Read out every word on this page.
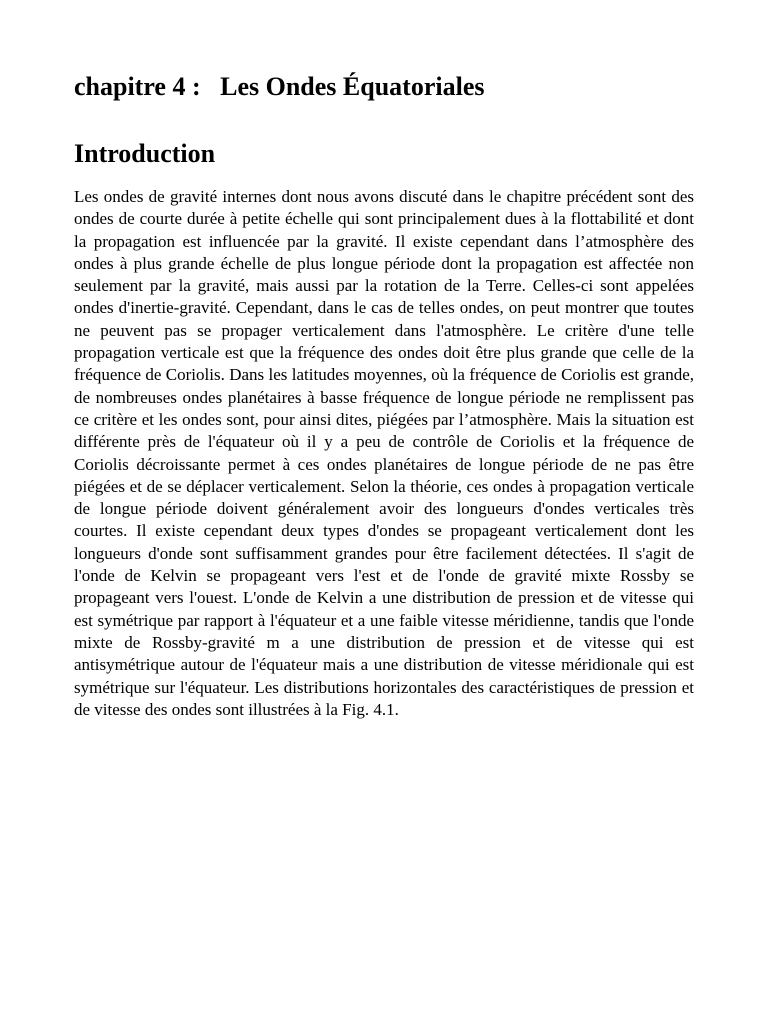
chapitre 4 :   Les Ondes Équatoriales
Introduction

Les ondes de gravité internes dont nous avons discuté dans le chapitre précédent sont des ondes de courte durée à petite échelle qui sont principalement dues à la flottabilité et dont la propagation est influencée par la gravité. Il existe cependant dans l’atmosphère des ondes à plus grande échelle de plus longue période dont la propagation est affectée non seulement par la gravité, mais aussi par la rotation de la Terre. Celles-ci sont appelées ondes d'inertie-gravité. Cependant, dans le cas de telles ondes, on peut montrer que toutes ne peuvent pas se propager verticalement dans l'atmosphère. Le critère d'une telle propagation verticale est que la fréquence des ondes doit être plus grande que celle de la fréquence de Coriolis. Dans les latitudes moyennes, où la fréquence de Coriolis est grande, de nombreuses ondes planétaires à basse fréquence de longue période ne remplissent pas ce critère et les ondes sont, pour ainsi dites, piégées par l’atmosphère. Mais la situation est différente près de l'équateur où il y a peu de contrôle de Coriolis et la fréquence de Coriolis décroissante permet à ces ondes planétaires de longue période de ne pas être piégées et de se déplacer verticalement. Selon la théorie, ces ondes à propagation verticale de longue période doivent généralement avoir des longueurs d'ondes verticales très courtes. Il existe cependant deux types d'ondes se propageant verticalement dont les longueurs d'onde sont suffisamment grandes pour être facilement détectées. Il s'agit de l'onde de Kelvin se propageant vers l'est et de l'onde de gravité mixte Rossby se propageant vers l'ouest. L'onde de Kelvin a une distribution de pression et de vitesse qui est symétrique par rapport à l'équateur et a une faible vitesse méridienne, tandis que l'onde mixte de Rossby-gravité m a une distribution de pression et de vitesse qui est antisymétrique autour de l'équateur mais a une distribution de vitesse méridionale qui est symétrique sur l'équateur. Les distributions horizontales des caractéristiques de pression et de vitesse des ondes sont illustrées à la Fig. 4.1.
